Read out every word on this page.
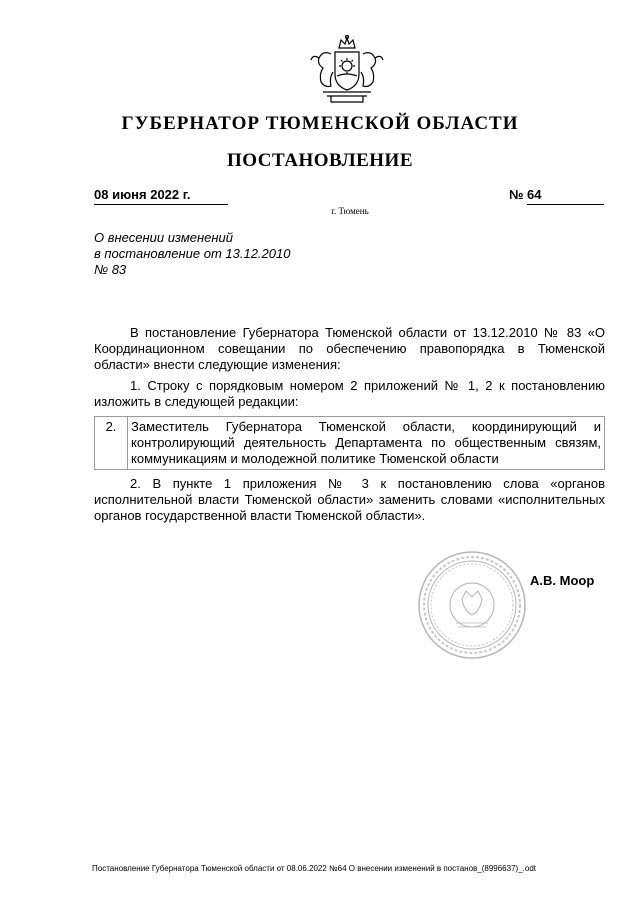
ГУБЕРНАТОР ТЮМЕНСКОЙ ОБЛАСТИ
ПОСТАНОВЛЕНИЕ
08 июня 2022 г.	№ 64
г. Тюмень
О внесении изменений
в постановление от 13.12.2010
№ 83

В постановление Губернатора Тюменской области от 13.12.2010 № 83 «О Координационном совещании по обеспечению правопорядка в Тюменской области» внести следующие изменения:

1. Строку с порядковым номером 2 приложений № 1, 2 к постановлению изложить в следующей редакции:

2.	Заместитель Губернатора Тюменской области, координирующий и контролирующий деятельность Департамента по общественным связям, коммуникациям и молодежной политике Тюменской области

2. В пункте 1 приложения № 3 к постановлению слова «органов исполнительной власти Тюменской области» заменить словами «исполнительных органов государственной власти Тюменской области».

А.В. Моор
Постановление Губернатора Тюменской области от 08.06.2022 №64 О внесении изменений в постанов_(8996637)_.odt
